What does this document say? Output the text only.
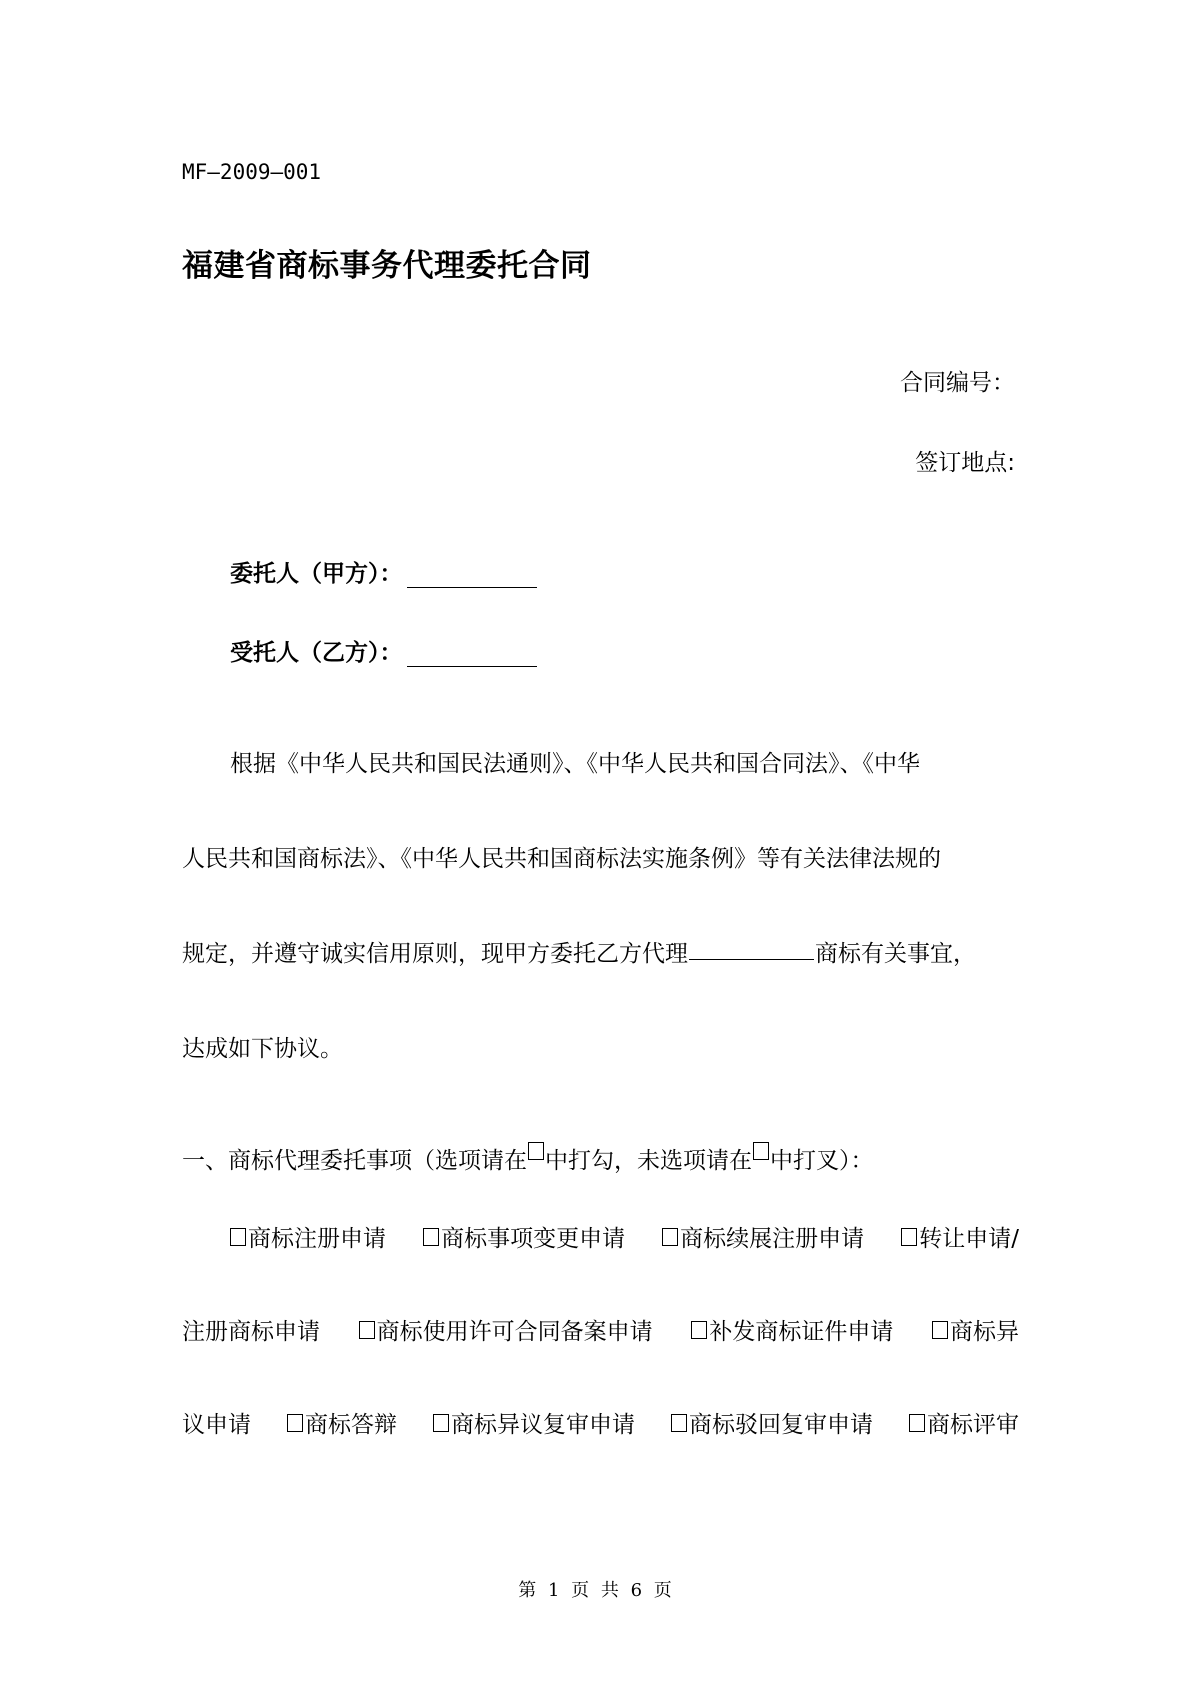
MF—2009—001
福建省商标事务代理委托合同
合同编号：
签订地点:
委托人（甲方）：
受托人（乙方）：
根据《中华人民共和国民法通则》、《中华人民共和国合同法》、《中华
人民共和国商标法》、《中华人民共和国商标法实施条例》等有关法律法规的
规定，并遵守诚实信用原则，现甲方委托乙方代理	商标有关事宜，
达成如下协议。
一、商标代理委托事项（选项请在 中打勾，未选项请在 中打叉）：
商标注册申请 商标事项变更申请 商标续展注册申请 转让申请/
注册商标申请 商标使用许可合同备案申请 补发商标证件申请 商标异
议申请 商标答辩 商标异议复审申请 商标驳回复审申请 商标评审
第 1 页 共 6 页
